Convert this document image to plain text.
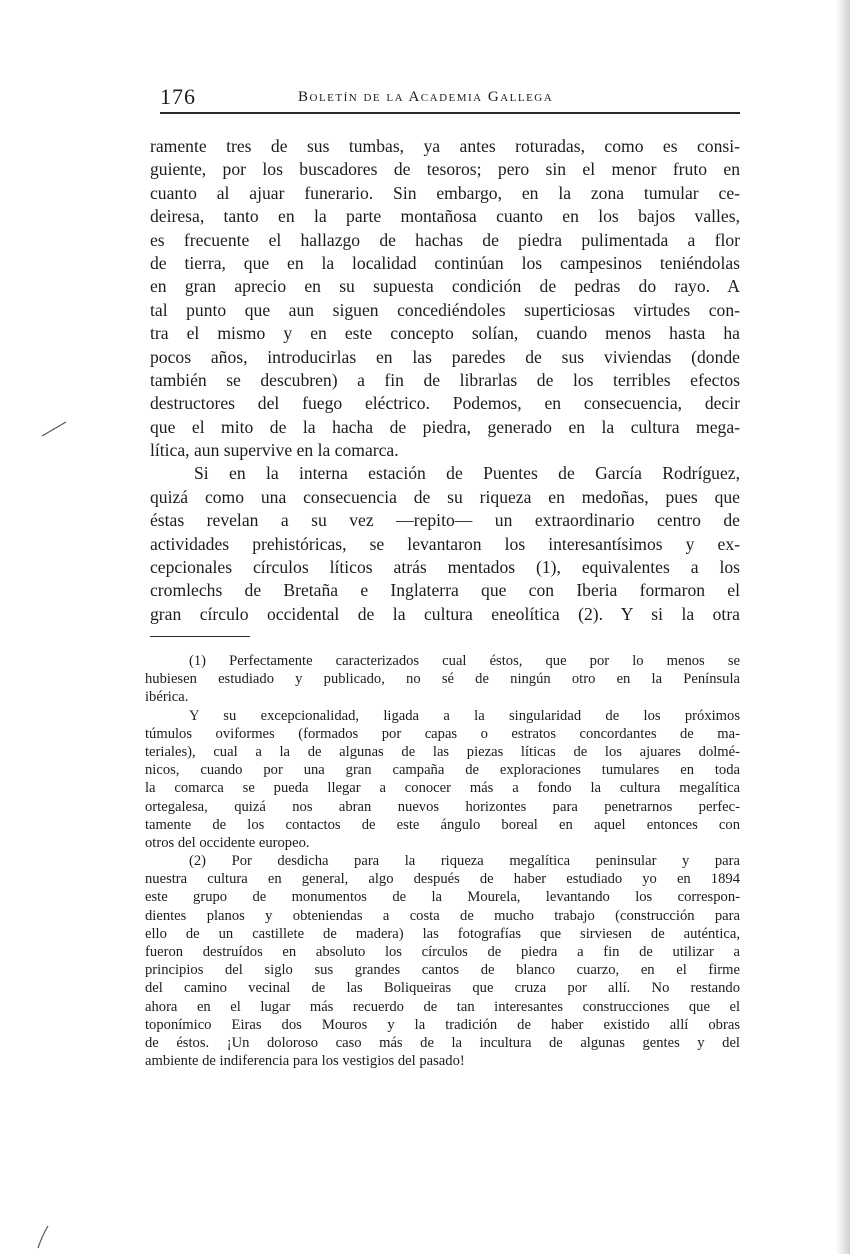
176	Boletín de la Academia Gallega
ramente tres de sus tumbas, ya antes roturadas, como es consi-
guiente, por los buscadores de tesoros; pero sin el menor fruto en
cuanto al ajuar funerario. Sin embargo, en la zona tumular ce-
deiresa, tanto en la parte montañosa cuanto en los bajos valles,
es frecuente el hallazgo de hachas de piedra pulimentada a flor
de tierra, que en la localidad continúan los campesinos teniéndolas
en gran aprecio en su supuesta condición de pedras do rayo. A
tal punto que aun siguen concediéndoles superticiosas virtudes con-
tra el mismo y en este concepto solían, cuando menos hasta ha
pocos años, introducirlas en las paredes de sus viviendas (donde
también se descubren) a fin de librarlas de los terribles efectos
destructores del fuego eléctrico. Podemos, en consecuencia, decir
que el mito de la hacha de piedra, generado en la cultura mega-
lítica, aun supervive en la comarca.
Si en la interna estación de Puentes de García Rodríguez,
quizá como una consecuencia de su riqueza en medoñas, pues que
éstas revelan a su vez —repito— un extraordinario centro de
actividades prehistóricas, se levantaron los interesantísimos y ex-
cepcionales círculos líticos atrás mentados (1), equivalentes a los
cromlechs de Bretaña e Inglaterra que con Iberia formaron el
gran círculo occidental de la cultura eneolítica (2). Y si la otra
(1) Perfectamente caracterizados cual éstos, que por lo menos se
hubiesen estudiado y publicado, no sé de ningún otro en la Península
ibérica.
Y su excepcionalidad, ligada a la singularidad de los próximos
túmulos oviformes (formados por capas o estratos concordantes de ma-
teriales), cual a la de algunas de las piezas líticas de los ajuares dolmé-
nicos, cuando por una gran campaña de exploraciones tumulares en toda
la comarca se pueda llegar a conocer más a fondo la cultura megalítica
ortegalesa, quizá nos abran nuevos horizontes para penetrarnos perfec-
tamente de los contactos de este ángulo boreal en aquel entonces con
otros del occidente europeo.
(2) Por desdicha para la riqueza megalítica peninsular y para
nuestra cultura en general, algo después de haber estudiado yo en 1894
este grupo de monumentos de la Mourela, levantando los correspon-
dientes planos y obteniendas a costa de mucho trabajo (construcción para
ello de un castillete de madera) las fotografías que sirviesen de auténtica,
fueron destruídos en absoluto los círculos de piedra a fin de utilizar a
principios del siglo sus grandes cantos de blanco cuarzo, en el firme
del camino vecinal de las Boliqueiras que cruza por allí. No restando
ahora en el lugar más recuerdo de tan interesantes construcciones que el
toponímico Eiras dos Mouros y la tradición de haber existido allí obras
de éstos. ¡Un doloroso caso más de la incultura de algunas gentes y del
ambiente de indiferencia para los vestigios del pasado!
